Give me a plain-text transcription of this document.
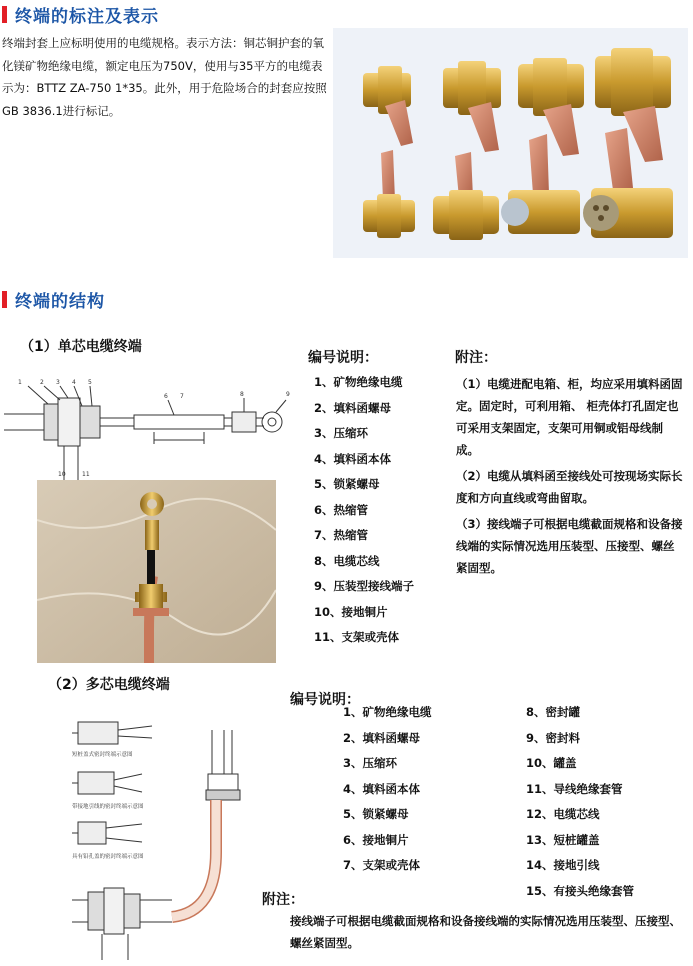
终端的标注及表示

终端封套上应标明使用的电缆规格。表示方法：铜芯铜护套的氧化镁矿物绝缘电缆，额定电压为750V，使用与35平方的电缆表示为：BTTZ ZA-750 1*35。此外，用于危险场合的封套应按照GB 3836.1进行标记。

终端的结构
（1）单芯电缆终端
1	2 3 4 5
6 7	8	9
10	11
编号说明：
1、矿物绝缘电缆
2、填料函螺母
3、压缩环
4、填料函本体
5、锁紧螺母
6、热缩管
7、热缩管
8、电缆芯线
9、压装型接线端子
10、接地铜片
11、支架或壳体
附注：

（1）电缆进配电箱、柜，均应采用填料函固定。固定时，可利用箱、 柜壳体打孔固定也可采用支架固定，支架可用铜或铝母线制成。

（2）电缆从填料函至接线处可按现场实际长度和方向直线或弯曲留取。

（3）接线端子可根据电缆截面规格和设备接线端的实际情况选用压装型、压接型、螺丝紧固型。

（2）多芯电缆终端
短桩盖式密封终端示意图
带接地引线的密封终端示意图
具有铅孔盖的密封终端示意图
编号说明：
1、矿物绝缘电缆
2、填料函螺母
3、压缩环
4、填料函本体
5、锁紧螺母
6、接地铜片
7、支架或壳体
8、密封罐
9、密封料
10、罐盖
11、导线绝缘套管
12、电缆芯线
13、短桩罐盖
14、接地引线
15、有接头绝缘套管
附注：

接线端子可根据电缆截面规格和设备接线端的实际情况选用压装型、压接型、螺丝紧固型。
